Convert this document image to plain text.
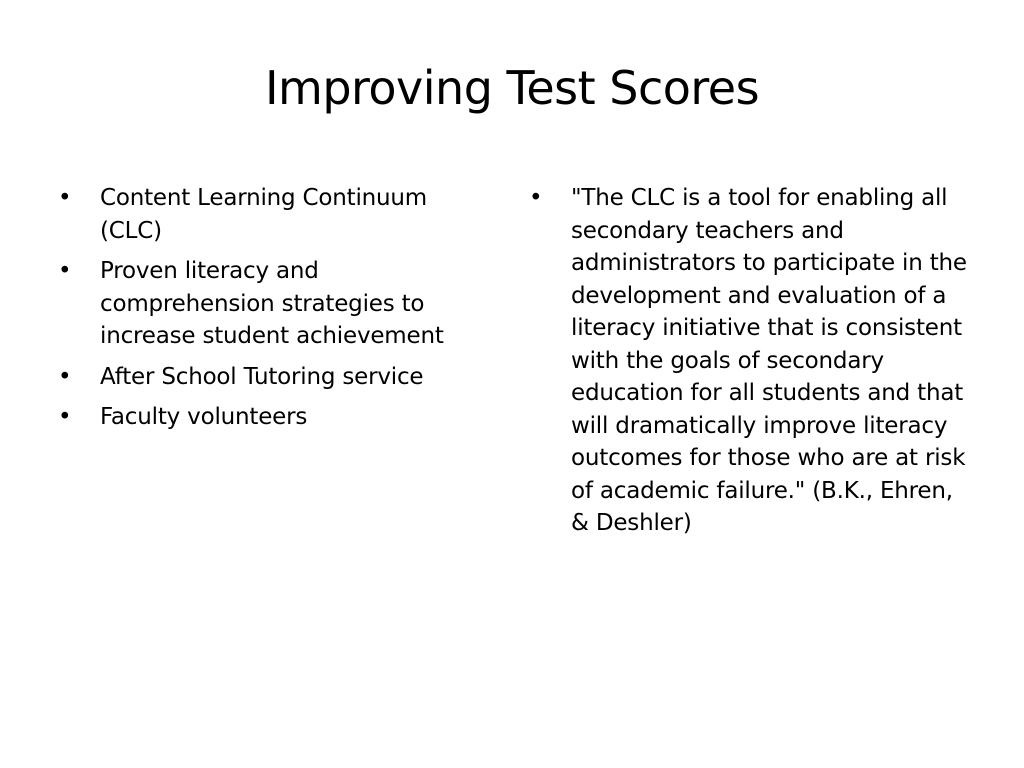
Improving Test Scores
• Content Learning Continuum (CLC)
• Proven literacy and comprehension strategies to increase student achievement
• After School Tutoring service
• Faculty volunteers
• "The CLC is a tool for enabling all secondary teachers and administrators to participate in the development and evaluation of a literacy initiative that is consistent with the goals of secondary education for all students and that will dramatically improve literacy outcomes for those who are at risk of academic failure." (B.K., Ehren, & Deshler)
